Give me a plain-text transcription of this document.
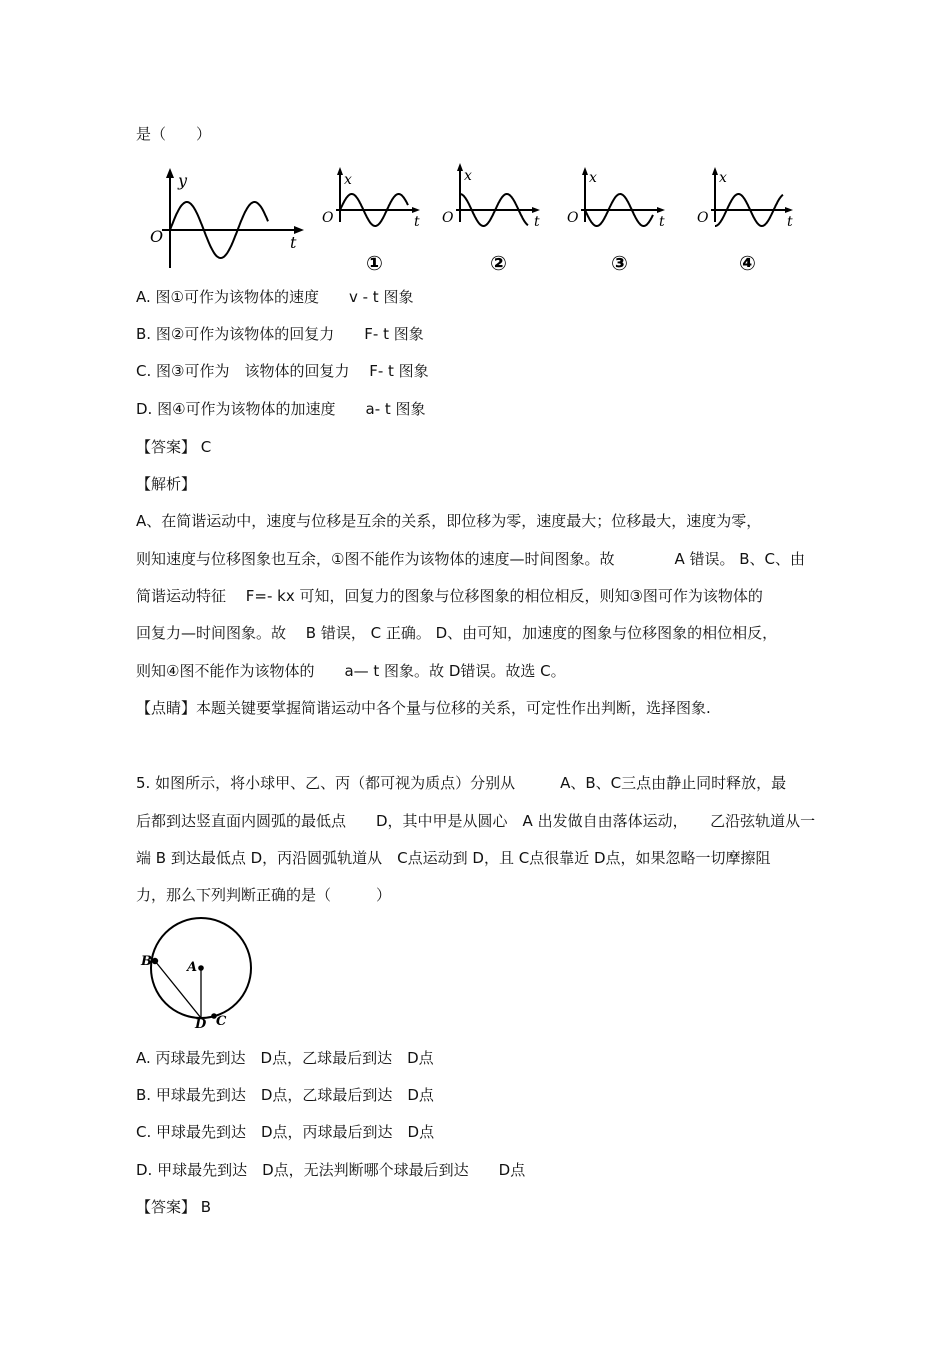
是（　　）
y
t
O
x
t
O
①
x
t
O
②
x
t
O
③
x
t
O
④
A. 图①可作为该物体的速度　　v - t 图象
B. 图②可作为该物体的回复力　　F- t 图象
C. 图③可作为　该物体的回复力　 F- t 图象
D. 图④可作为该物体的加速度　　a- t 图象
【答案】 C
【解析】
A、在简谐运动中，速度与位移是互余的关系，即位移为零，速度最大；位移最大，速度为零，
则知速度与位移图象也互余，①图不能作为该物体的速度—时间图象。故　　　　A 错误。 B、C、由
简谐运动特征　 F=- kx 可知，回复力的图象与位移图象的相位相反，则知③图可作为该物体的
回复力—时间图象。故　 B 错误， C 正确。 D、由可知，加速度的图象与位移图象的相位相反，
则知④图不能作为该物体的　　a— t 图象。故 D错误。故选 C。
【点睛】本题关键要掌握简谐运动中各个量与位移的关系，可定性作出判断，选择图象.
5. 如图所示，将小球甲、乙、丙（都可视为质点）分别从　　　A、B、C三点由静止同时释放，最
后都到达竖直面内圆弧的最低点　　D，其中甲是从圆心　A 出发做自由落体运动，　　乙沿弦轨道从一
端 B 到达最低点 D，丙沿圆弧轨道从　C点运动到 D，且 C点很靠近 D点，如果忽略一切摩擦阻
力，那么下列判断正确的是（　　　）
B	A
D C
A. 丙球最先到达　D点，乙球最后到达　D点
B. 甲球最先到达　D点，乙球最后到达　D点
C. 甲球最先到达　D点，丙球最后到达　D点
D. 甲球最先到达　D点，无法判断哪个球最后到达　　D点
【答案】 B
